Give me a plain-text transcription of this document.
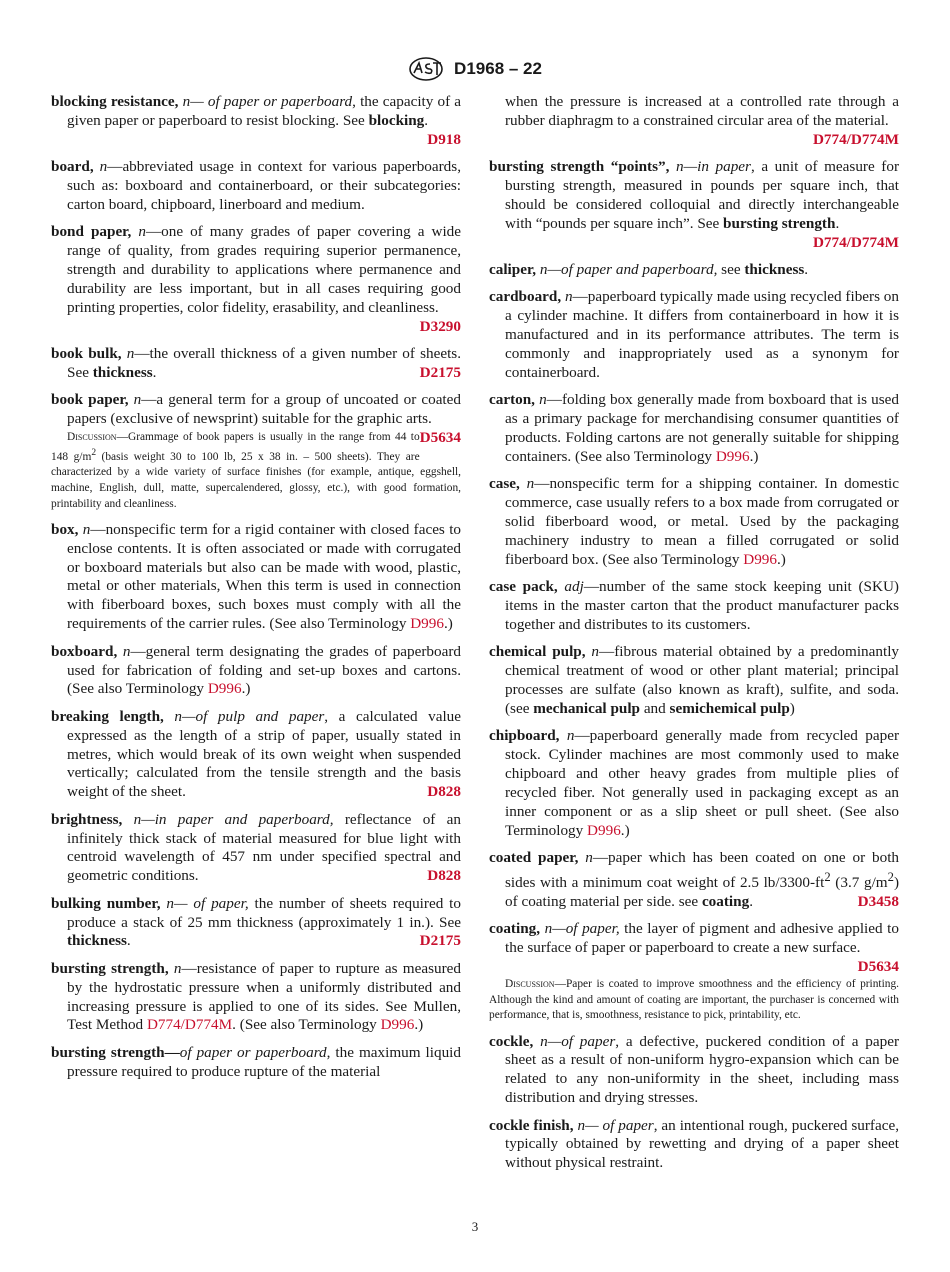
D1968 – 22

blocking resistance, n— of paper or paperboard, the capacity of a given paper or paperboard to resist blocking. See blocking.
D918

board, n—abbreviated usage in context for various paperboards, such as: boxboard and containerboard, or their subcategories: carton board, chipboard, linerboard and medium.

bond paper, n—one of many grades of paper covering a wide range of quality, from grades requiring superior permanence, strength and durability to applications where permanence and durability are less important, but in all cases requiring good printing properties, color fidelity, erasability, and cleanliness.
D3290

book bulk, n—the overall thickness of a given number of sheets. See thickness.	D2175

book paper, n—a general term for a group of uncoated or coated papers (exclusive of newsprint) suitable for the graphic arts.
D5634

Discussion—Grammage of book papers is usually in the range from 44 to 148 $g/m^2$ (basis weight 30 to 100 lb, 25 x 38 in. – 500 sheets). They are characterized by a wide variety of surface finishes (for example, antique, eggshell, machine, English, dull, matte, supercalendered, glossy, etc.), with good formation, printability and cleanliness.

box, n—nonspecific term for a rigid container with closed faces to enclose contents. It is often associated or made with corrugated or boxboard materials but also can be made with wood, plastic, metal or other materials, When this term is used in connection with fiberboard boxes, such boxes must comply with all the requirements of the carrier rules. (See also Terminology D996.)

boxboard, n—general term designating the grades of paperboard used for fabrication of folding and set-up boxes and cartons. (See also Terminology D996.)

breaking length, n—of pulp and paper, a calculated value expressed as the length of a strip of paper, usually stated in metres, which would break of its own weight when suspended vertically; calculated from the tensile strength and the basis weight of the sheet.	D828

brightness, n—in paper and paperboard, reflectance of an infinitely thick stack of material measured for blue light with centroid wavelength of 457 nm under specified spectral and geometric conditions.	D828

bulking number, n— of paper, the number of sheets required to produce a stack of 25 mm thickness (approximately 1 in.). See thickness.	D2175

bursting strength, n—resistance of paper to rupture as measured by the hydrostatic pressure when a uniformly distributed and increasing pressure is applied to one of its sides. See Mullen, Test Method D774/D774M. (See also Terminology D996.)

bursting strength—of paper or paperboard, the maximum liquid pressure required to produce rupture of the material

when the pressure is increased at a controlled rate through a rubber diaphragm to a constrained circular area of the material.
D774/D774M

bursting strength “points”, n—in paper, a unit of measure for bursting strength, measured in pounds per square inch, that should be considered colloquial and directly interchangeable with “pounds per square inch”. See bursting strength.
D774/D774M

caliper, n—of paper and paperboard, see thickness.

cardboard, n—paperboard typically made using recycled fibers on a cylinder machine. It differs from containerboard in how it is manufactured and in its performance attributes. The term is commonly and inappropriately used as a synonym for containerboard.

carton, n—folding box generally made from boxboard that is used as a primary package for merchandising consumer quantities of products. Folding cartons are not generally suitable for shipping containers. (See also Terminology D996.)

case, n—nonspecific term for a shipping container. In domestic commerce, case usually refers to a box made from corrugated or solid fiberboard wood, or metal. Used by the packaging machinery industry to mean a filled corrugated or solid fiberboard box. (See also Terminology D996.)

case pack, adj—number of the same stock keeping unit (SKU) items in the master carton that the product manufacturer packs together and distributes to its customers.

chemical pulp, n—fibrous material obtained by a predominantly chemical treatment of wood or other plant material; principal processes are sulfate (also known as kraft), sulfite, and soda. (see mechanical pulp and semichemical pulp)

chipboard, n—paperboard generally made from recycled paper stock. Cylinder machines are most commonly used to make chipboard and other heavy grades from multiple plies of recycled fiber. Not generally used in packaging except as an inner component or as a slip sheet or pull sheet. (See also Terminology D996.)

coated paper, n—paper which has been coated on one or both sides with a minimum coat weight of 2.5 $lb/3300-ft^2$ (3.7 $g/m^2$) of coating material per side. see coating.	D3458

coating, n—of paper, the layer of pigment and adhesive applied to the surface of paper or paperboard to create a new surface.
D5634

Discussion—Paper is coated to improve smoothness and the efficiency of printing. Although the kind and amount of coating are important, the purchaser is concerned with performance, that is, smoothness, resistance to pick, printability, etc.

cockle, n—of paper, a defective, puckered condition of a paper sheet as a result of non-uniform hygro-expansion which can be related to any non-uniformity in the sheet, including mass distribution and drying stresses.

cockle finish, n— of paper, an intentional rough, puckered surface, typically obtained by rewetting and drying of a paper sheet without physical restraint.

3
